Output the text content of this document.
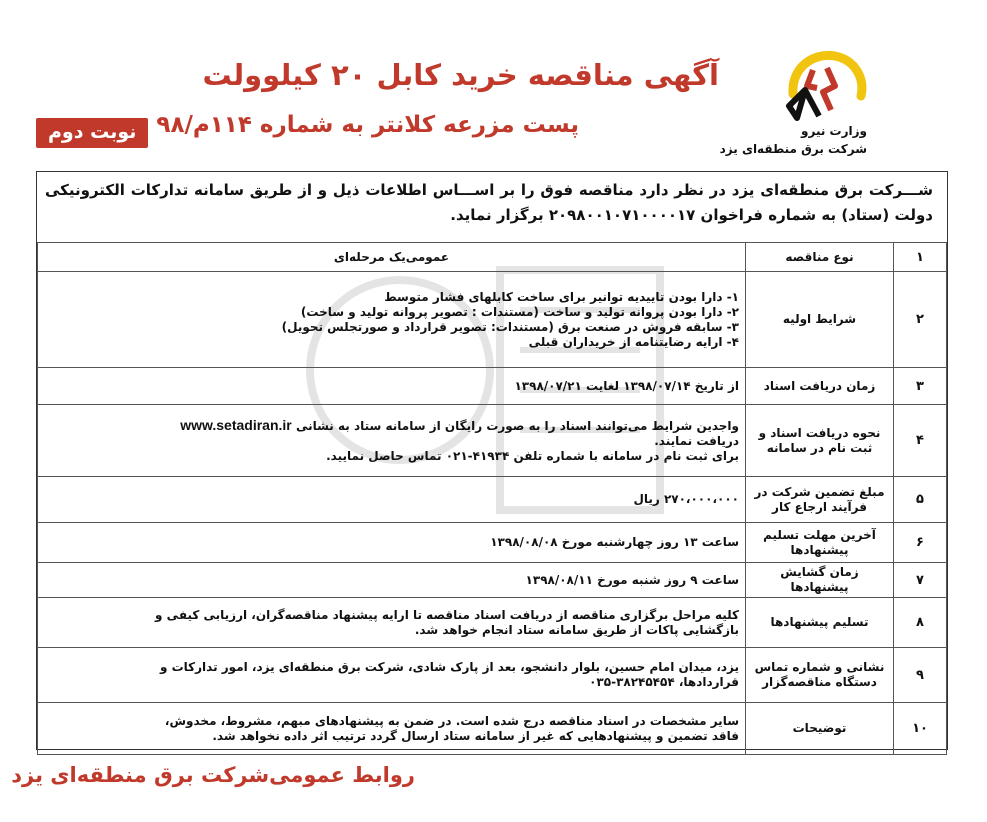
وزارت نیرو
شرکت برق منطقه‌ای یزد
آگهی مناقصه خرید کابل ۲۰ کیلوولت
پست مزرعه کلانتر به شماره ۱۱۴م/۹۸
نوبت دوم
شـــرکت برق منطقه‌ای یزد در نظر دارد مناقصه فوق را بر اســـاس اطلاعات ذیل و از طریق سامانه تدارکات الکترونیکی دولت (ستاد) به شماره فراخوان ۲۰۹۸۰۰۱۰۷۱۰۰۰۰۱۷ برگزار نماید.
۱	نوع مناقصه	عمومی‌یک مرحله‌ای

۲	شرایط اولیه	۱- دارا بودن تاییدیه توانیر برای ساخت کابلهای فشار متوسط
۲- دارا بودن پروانه تولید و ساخت (مستندات : تصویر پروانه تولید و ساخت)
۳- سابقه فروش در صنعت برق (مستندات: تصویر قرارداد و صورتجلس تحویل)
۴- ارایه رضایتنامه از خریداران قبلی

۳	زمان دریافت اسناد	از تاریخ ۱۳۹۸/۰۷/۱۴ لغایت ۱۳۹۸/۰۷/۲۱

۴	نحوه دریافت اسناد و ثبت نام در سامانه	واجدین شرایط می‌توانند اسناد را به صورت رایگان از سامانه ستاد به نشانی www.setadiran.ir
دریافت نمایند.
برای ثبت نام در سامانه با شماره تلفن ۴۱۹۳۴-۰۲۱ تماس حاصل نمایید.

۵	مبلغ تضمین شرکت در فرآیند ارجاع کار	۲۷۰،۰۰۰،۰۰۰ ریال

۶	آخرین مهلت تسلیم پیشنهادها	ساعت ۱۳ روز چهارشنبه مورخ ۱۳۹۸/۰۸/۰۸

۷	زمان گشایش پیشنهادها	ساعت ۹ روز شنبه مورخ ۱۳۹۸/۰۸/۱۱

۸	تسلیم پیشنهادها	کلیه مراحل برگزاری مناقصه از دریافت اسناد مناقصه تا ارایه پیشنهاد مناقصه‌گران، ارزیابی کیفی و
بازگشایی پاکات از طریق سامانه ستاد انجام خواهد شد.

۹	نشانی و شماره تماس دستگاه مناقصه‌گزار	یزد، میدان امام حسین، بلوار دانشجو، بعد از پارک شادی، شرکت برق منطقه‌ای یزد، امور تدارکات و
قراردادها، ۳۸۲۴۵۴۵۴-۰۳۵

۱۰	توضیحات	سایر مشخصات در اسناد مناقصه درج شده است. در ضمن به پیشنهادهای مبهم، مشروط، مخدوش،
فاقد تضمین و پیشنهادهایی که غیر از سامانه ستاد ارسال گردد ترتیب اثر داده نخواهد شد.
روابط عمومی‌شرکت برق منطقه‌ای یزد
